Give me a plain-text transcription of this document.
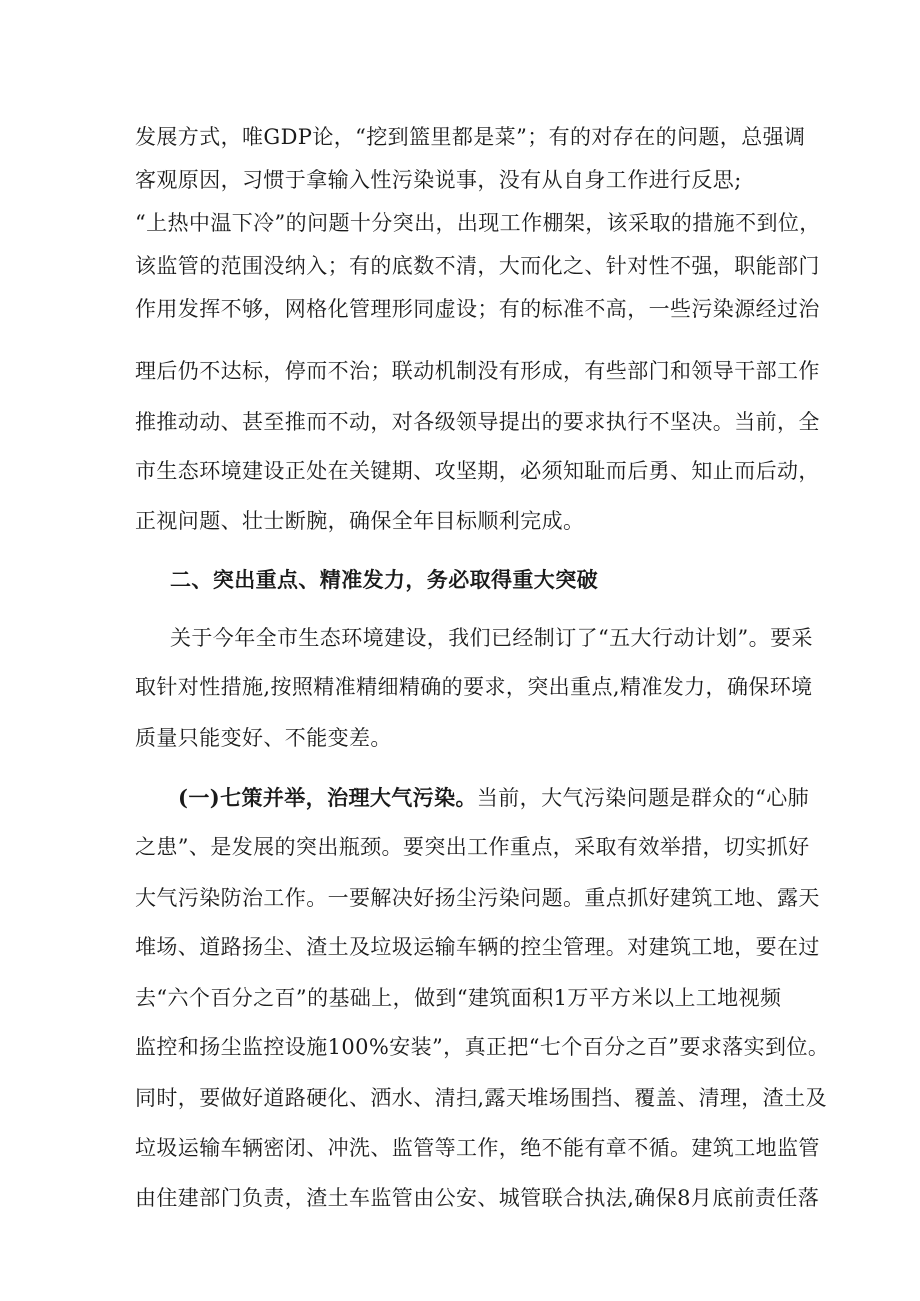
发展方式，唯GDP论，“挖到篮里都是菜”；有的对存在的问题，总强调
客观原因，习惯于拿输入性污染说事，没有从自身工作进行反思;
“上热中温下冷”的问题十分突出，出现工作棚架，该采取的措施不到位，
该监管的范围没纳入；有的底数不清，大而化之、针对性不强，职能部门
作用发挥不够，网格化管理形同虚设；有的标准不高，一些污染源经过治
理后仍不达标，停而不治；联动机制没有形成，有些部门和领导干部工作
推推动动、甚至推而不动，对各级领导提出的要求执行不坚决。当前，全
市生态环境建设正处在关键期、攻坚期，必须知耻而后勇、知止而后动，
正视问题、壮士断腕，确保全年目标顺利完成。
二、突出重点、精准发力，务必取得重大突破
关于今年全市生态环境建设，我们已经制订了“五大行动计划”。要采
取针对性措施,按照精准精细精确的要求，突出重点,精准发力，确保环境
质量只能变好、不能变差。
(一)七策并举，治理大气污染。当前，大气污染问题是群众的“心肺
之患”、是发展的突出瓶颈。要突出工作重点，采取有效举措，切实抓好
大气污染防治工作。一要解决好扬尘污染问题。重点抓好建筑工地、露天
堆场、道路扬尘、渣土及垃圾运输车辆的控尘管理。对建筑工地，要在过
去“六个百分之百”的基础上，做到“建筑面积1万平方米以上工地视频
监控和扬尘监控设施100%安装”，真正把“七个百分之百”要求落实到位。
同时，要做好道路硬化、洒水、清扫,露天堆场围挡、覆盖、清理，渣土及
垃圾运输车辆密闭、冲洗、监管等工作，绝不能有章不循。建筑工地监管
由住建部门负责，渣土车监管由公安、城管联合执法,确保8月底前责任落
